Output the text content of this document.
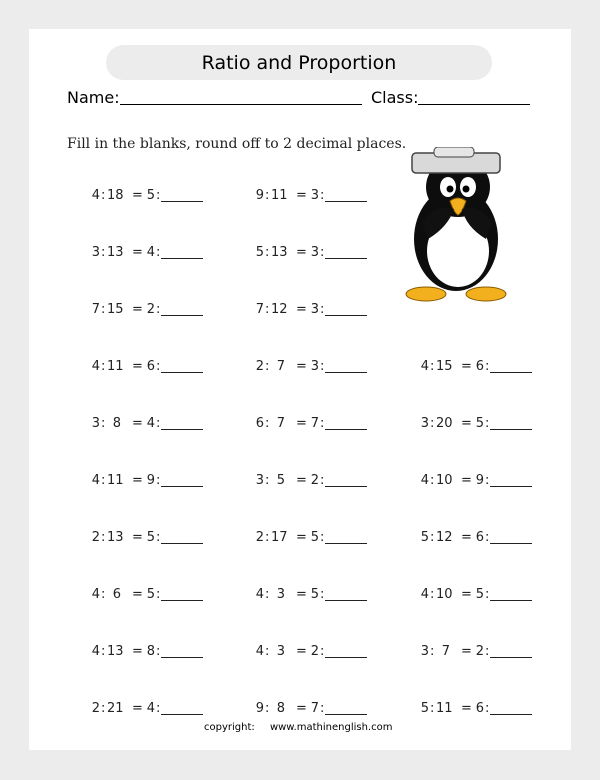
Ratio and Proportion
Name:	Class:
Fill in the blanks, round off to 2 decimal places.
4 : 18 = 5 :	9 : 11 = 3 :
3 : 13 = 4 :	5 : 13 = 3 :
7 : 15 = 2 :	7 : 12 = 3 :
4 : 11 = 6 :	2 : 7 = 3 :	4 : 15 = 6 :
3 : 8 = 4 :	6 : 7 = 7 :	3 : 20 = 5 :
4 : 11 = 9 :	3 : 5 = 2 :	4 : 10 = 9 :
2 : 13 = 5 :	2 : 17 = 5 :	5 : 12 = 6 :
4 : 6 = 5 :	4 : 3 = 5 :	4 : 10 = 5 :
4 : 13 = 8 :	4 : 3 = 2 :	3 : 7 = 2 :
2 : 21 = 4 :	9 : 8 = 7 :	5 : 11 = 6 :
copyright: www.mathinenglish.com
